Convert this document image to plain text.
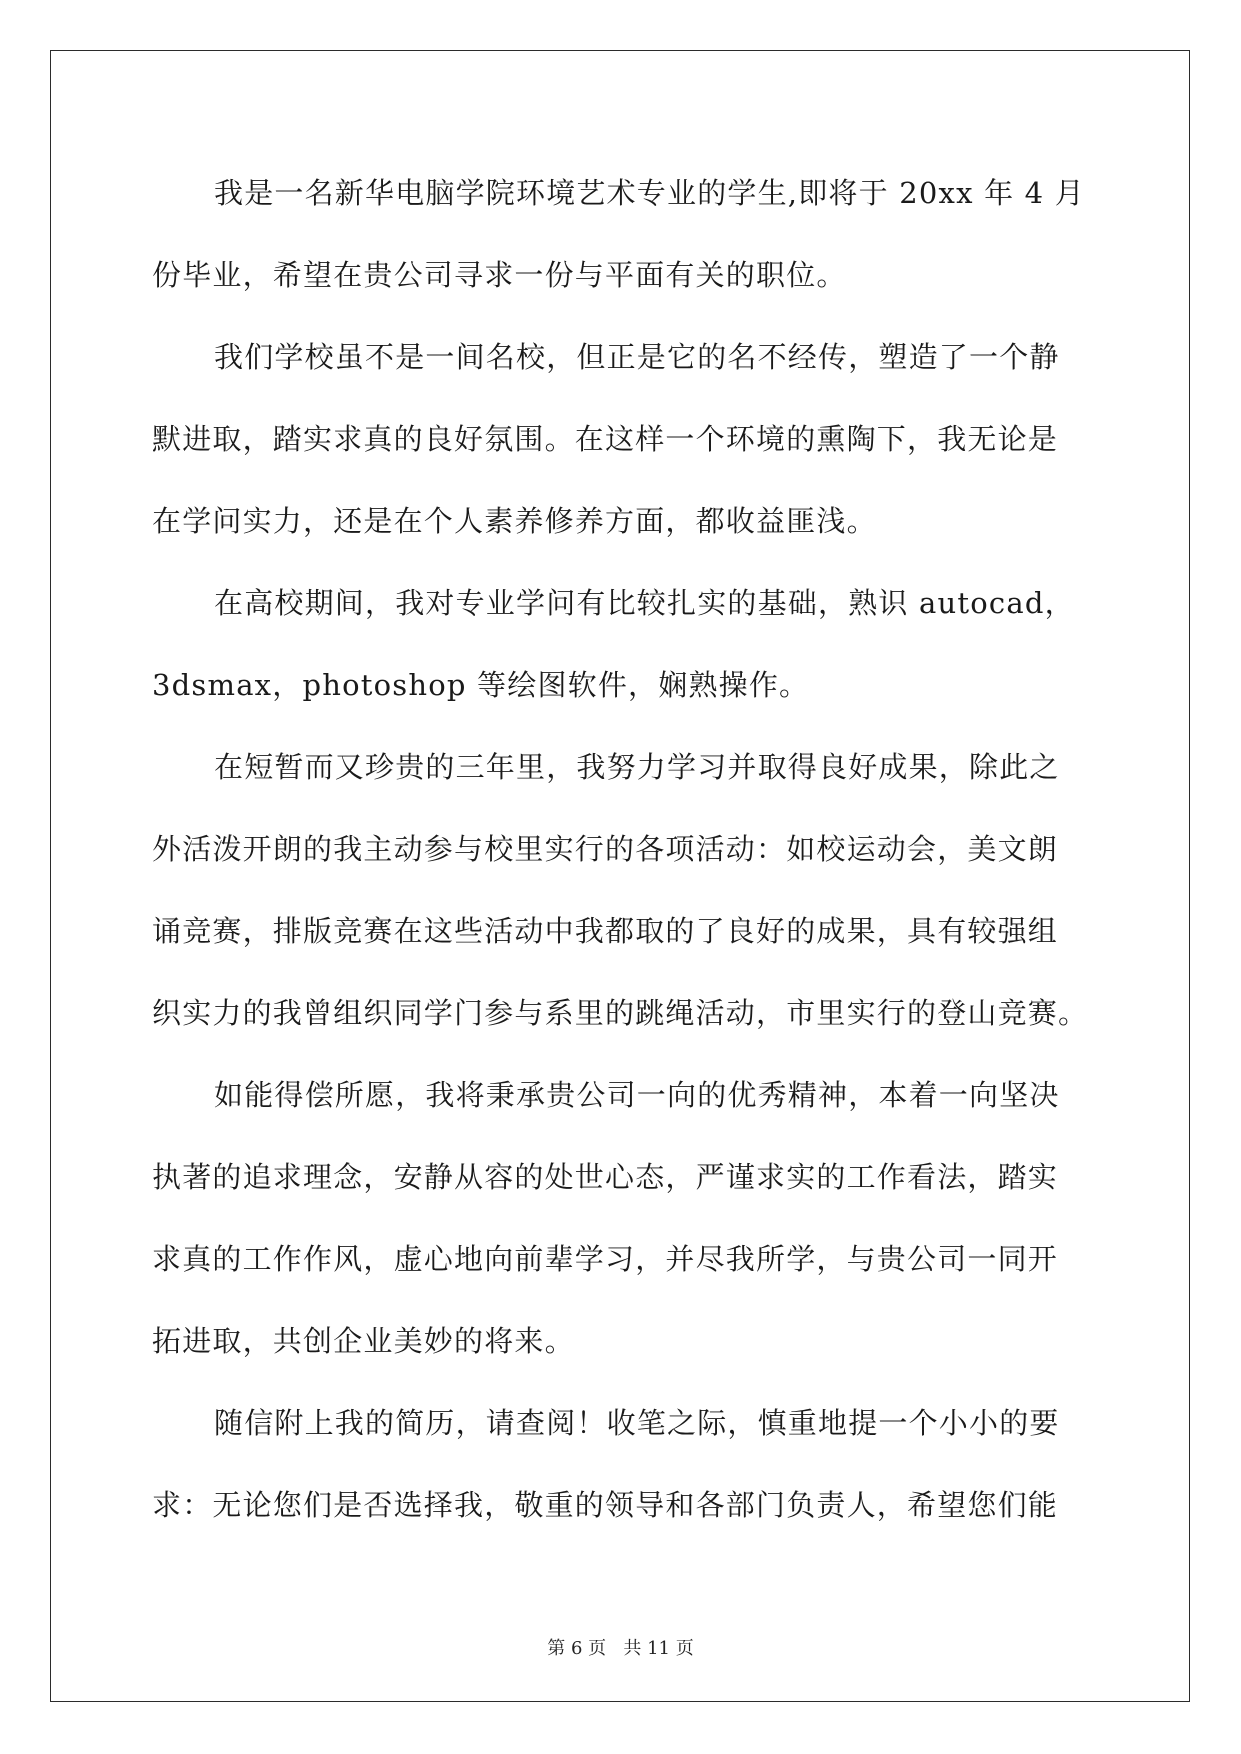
我是一名新华电脑学院环境艺术专业的学生,即将于 20xx 年 4 月
份毕业，希望在贵公司寻求一份与平面有关的职位。
我们学校虽不是一间名校，但正是它的名不经传，塑造了一个静
默进取，踏实求真的良好氛围。在这样一个环境的熏陶下，我无论是
在学问实力，还是在个人素养修养方面，都收益匪浅。
在高校期间，我对专业学问有比较扎实的基础，熟识 autocad，
3dsmax，photoshop 等绘图软件，娴熟操作。
在短暂而又珍贵的三年里，我努力学习并取得良好成果，除此之
外活泼开朗的我主动参与校里实行的各项活动：如校运动会，美文朗
诵竞赛，排版竞赛在这些活动中我都取的了良好的成果，具有较强组
织实力的我曾组织同学门参与系里的跳绳活动，市里实行的登山竞赛。
如能得偿所愿，我将秉承贵公司一向的优秀精神，本着一向坚决
执著的追求理念，安静从容的处世心态，严谨求实的工作看法，踏实
求真的工作作风，虚心地向前辈学习，并尽我所学，与贵公司一同开
拓进取，共创企业美妙的将来。
随信附上我的简历，请查阅！收笔之际，慎重地提一个小小的要
求：无论您们是否选择我，敬重的领导和各部门负责人，希望您们能
第 6 页 共 11 页
